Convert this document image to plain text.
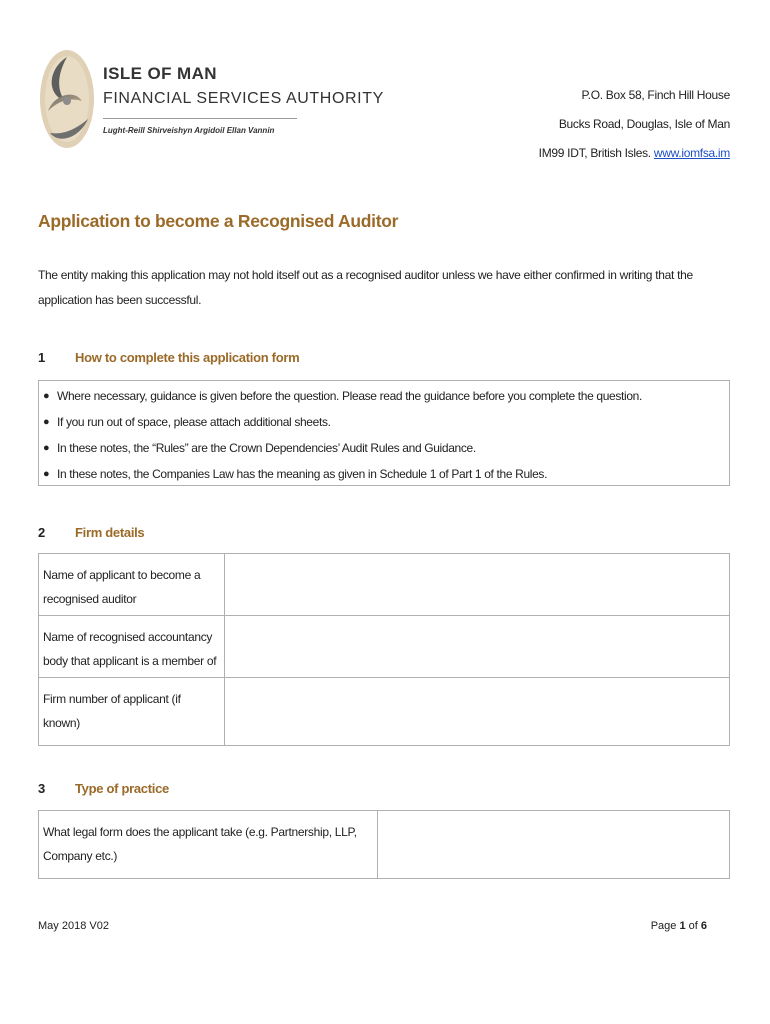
ISLE OF MAN
FINANCIAL SERVICES AUTHORITY
Lught-Reill Shirveishyn Argidoil Ellan Vannin
P.O. Box 58, Finch Hill House
Bucks Road, Douglas, Isle of Man
IM99 IDT, British Isles. www.iomfsa.im
Application to become a Recognised Auditor
The entity making this application may not hold itself out as a recognised auditor unless we have either confirmed in writing that the application has been successful.
1 How to complete this application form
● Where necessary, guidance is given before the question. Please read the guidance before you complete the question.
● If you run out of space, please attach additional sheets.
● In these notes, the “Rules” are the Crown Dependencies’ Audit Rules and Guidance.
● In these notes, the Companies Law has the meaning as given in Schedule 1 of Part 1 of the Rules.
2 Firm details
Name of applicant to become a recognised auditor	
Name of recognised accountancy body that applicant is a member of	
Firm number of applicant (if known)	
3 Type of practice
What legal form does the applicant take (e.g. Partnership, LLP, Company etc.)	
May 2018 V02	Page 1 of 6
